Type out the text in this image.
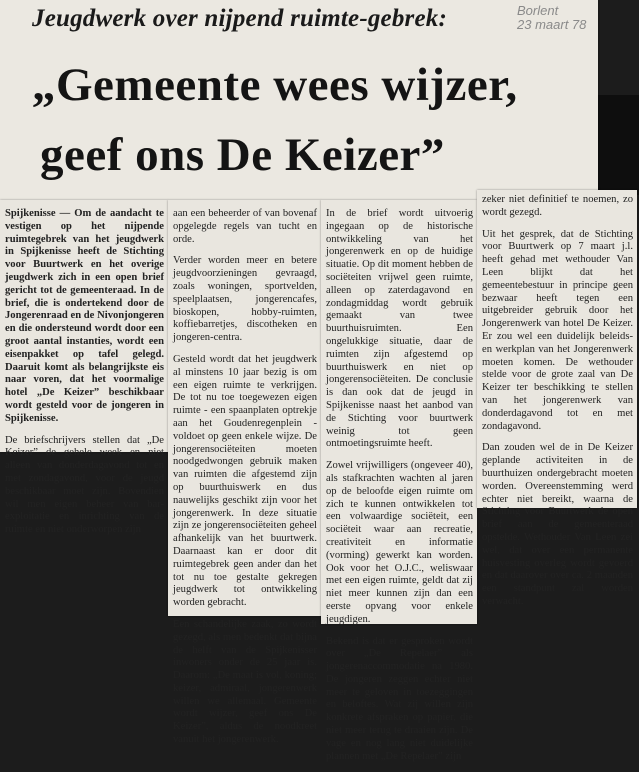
Jeugdwerk over nijpend ruimte-gebrek:	Borlent
23 maart 78
„Gemeente wees wijzer,
geef ons De Keizer”

Spijkenisse — Om de aandacht te vestigen op het nijpende ruimtegebrek van het jeugdwerk in Spijkenisse heeft de Stichting voor Buurtwerk en het overige jeugdwerk zich in een open brief gericht tot de gemeenteraad. In de brief, die is ondertekend door de Jongerenraad en de Nivonjongeren en die ondersteund wordt door een groot aantal instanties, wordt een eisenpakket op tafel gelegd. Daaruit komt als belangrijkste eis naar voren, dat het voormalige hotel „De Keizer” beschikbaar wordt gesteld voor de jongeren in Spijkenisse.

De briefschrijvers stellen dat „De Keizer” de gehele week en niet alleen van donderdagavond tot en met zondagavond, voor de jeugd beschikbaar moet zijn. Bovendien wil men eigen beheer van bar-exploitatie en inrichting van de ruimte en niet onderworpen zijn

aan een beheerder of van bovenaf opgelegde regels van tucht en orde.

Verder worden meer en betere jeugdvoorzieningen gevraagd, zoals woningen, sportvelden, speelplaatsen, jongerencafes, bioskopen, hobby-ruimten, koffiebarretjes, discotheken en jongeren-centra.

Gesteld wordt dat het jeugdwerk al minstens 10 jaar bezig is om een eigen ruimte te verkrijgen. De tot nu toe toegewezen eigen ruimte - een spaanplaten optrekje aan het Goudenregenplein - voldoet op geen enkele wijze. De jongerensociëteiten moeten noodgedwongen gebruik maken van ruimten die afgestemd zijn op buurthuiswerk en dus nauwelijks geschikt zijn voor het jongerenwerk. In deze situatie zijn ze jongerensociëteiten geheel afhankelijk van het buurtwerk. Daarnaast kan er door dit ruimtegebrek geen ander dan het tot nu toe gestalte gekregen jeugdwerk tot ontwikkeling worden gebracht.

Een schandelijke zaak, zo wordt gezegd, als men bedenkt dat bijna de helft van de Spijkenisser inwoners onder de 25 jaar is. Daarom: „De maat is vol, koning; keizer, admiraal, jongerenwerk willen we allemaal. Gemeente wordt wijzer, geef ons De Keizer”, aldus de noodkreet vanuit het jongerenwerk.

In de brief wordt uitvoerig ingegaan op de historische ontwikkeling van het jongerenwerk en op de huidige situatie. Op dit moment hebben de sociëteiten vrijwel geen ruimte, alleen op zaterdagavond en zondagmiddag wordt gebruik gemaakt van twee buurthuisruimten. Een ongelukkige situatie, daar de ruimten zijn afgestemd op buurthuiswerk en niet op jongerensociëteiten. De conclusie is dan ook dat de jeugd in Spijkenisse naast het aanbod van de Stichting voor buurtwerk weinig tot geen ontmoetingsruimte heeft.

Zowel vrijwilligers (ongeveer 40), als stafkrachten wachten al jaren op de beloofde eigen ruimte om zich te kunnen ontwikkelen tot een volwaardige sociëteit, een sociëteit waar aan recreatie, creativiteit en informatie (vorming) gewerkt kan worden. Ook voor het O.J.C., weliswaar met een eigen ruimte, geldt dat zij niet meer kunnen zijn dan een eerste opvang voor enkele jeugdigen.

Bekend is dat er gesproken wordt over „De Repelaer” als jongerenaccommodatie na 1980. De jongeren zeggen echter niet meer te geloven in toezeggingen en beloftes. Wat zij willen zijn konkrete afspraken op papier, die niet meer terug te draaien zijn. De vage en nog lang niet duidelijke plannen met „De Repelaer” zijn

zeker niet definitief te noemen, zo wordt gezegd.

Uit het gesprek, dat de Stichting voor Buurtwerk op 7 maart j.l. heeft gehad met wethouder Van Leen blijkt dat het gemeentebestuur in principe geen bezwaar heeft tegen een uitgebreider gebruik door het Jongerenwerk van hotel De Keizer. Er zou wel een duidelijk beleids- en werkplan van het Jongerenwerk moeten komen. De wethouder stelde voor de grote zaal van De Keizer ter beschikking te stellen van het jongerenwerk van donderdagavond tot en met zondagavond.

Dan zouden wel de in De Keizer geplande activiteiten in de buurthuizen ondergebracht moeten worden. Overeenstemming werd echter niet bereikt, waarna de Stichting voor Buurtwerk de open brief aan de gemeenteraad opstelde. Wethouder Van Leen zei wel, dat over een permanente huisvesting overleg wordt gevoerd en dat daarover over ca. 2 maanden een standpunt zal worden verwacht.
